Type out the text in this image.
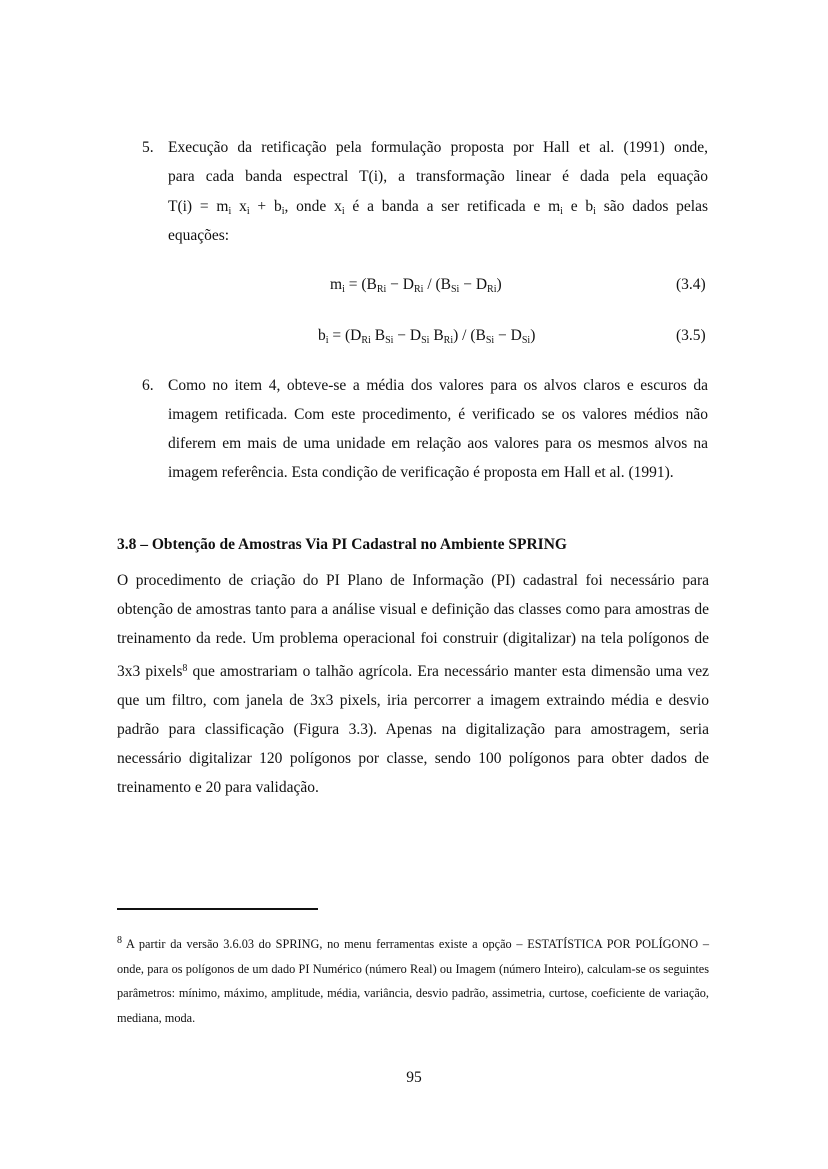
5. Execução da retificação pela formulação proposta por Hall et al. (1991) onde,

para cada banda espectral T(i), a transformação linear é dada pela equação

$T(i) = m_i$ $x_i + b_i$, onde $x_i$ é a banda a ser retificada e $m_i$ e $b_i$ são dados pelas

equações:

$m_i = (B_{Ri} - D_{Ri} / (B_{Si} - D_{Ri})$	(3.4)
$b_i = (D_{Ri}$ $B_{Si} - D_{Si}$ $B_{Ri}) / (B_{Si} - D_{Si})$	(3.5)
6. Como no item 4, obteve-se a média dos valores para os alvos claros e escuros da imagem retificada. Com este procedimento, é verificado se os valores médios não diferem em mais de uma unidade em relação aos valores para os mesmos alvos na imagem referência. Esta condição de verificação é proposta em Hall et al. (1991).

3.8 – Obtenção de Amostras Via PI Cadastral no Ambiente SPRING

O procedimento de criação do PI Plano de Informação (PI) cadastral foi necessário para obtenção de amostras tanto para a análise visual e definição das classes como para amostras de treinamento da rede. Um problema operacional foi construir (digitalizar) na tela polígonos de 3x3 pixels$^8$ que amostrariam o talhão agrícola. Era necessário manter esta dimensão uma vez que um filtro, com janela de 3x3 pixels, iria percorrer a imagem extraindo média e desvio padrão para classificação (Figura 3.3). Apenas na digitalização para amostragem, seria necessário digitalizar 120 polígonos por classe, sendo 100 polígonos para obter dados de treinamento e 20 para validação.

$^8$ A partir da versão 3.6.03 do SPRING, no menu ferramentas existe a opção – ESTATÍSTICA POR POLÍGONO – onde, para os polígonos de um dado PI Numérico (número Real) ou Imagem (número Inteiro), calculam-se os seguintes parâmetros: mínimo, máximo, amplitude, média, variância, desvio padrão, assimetria, curtose, coeficiente de variação, mediana, moda.

95
